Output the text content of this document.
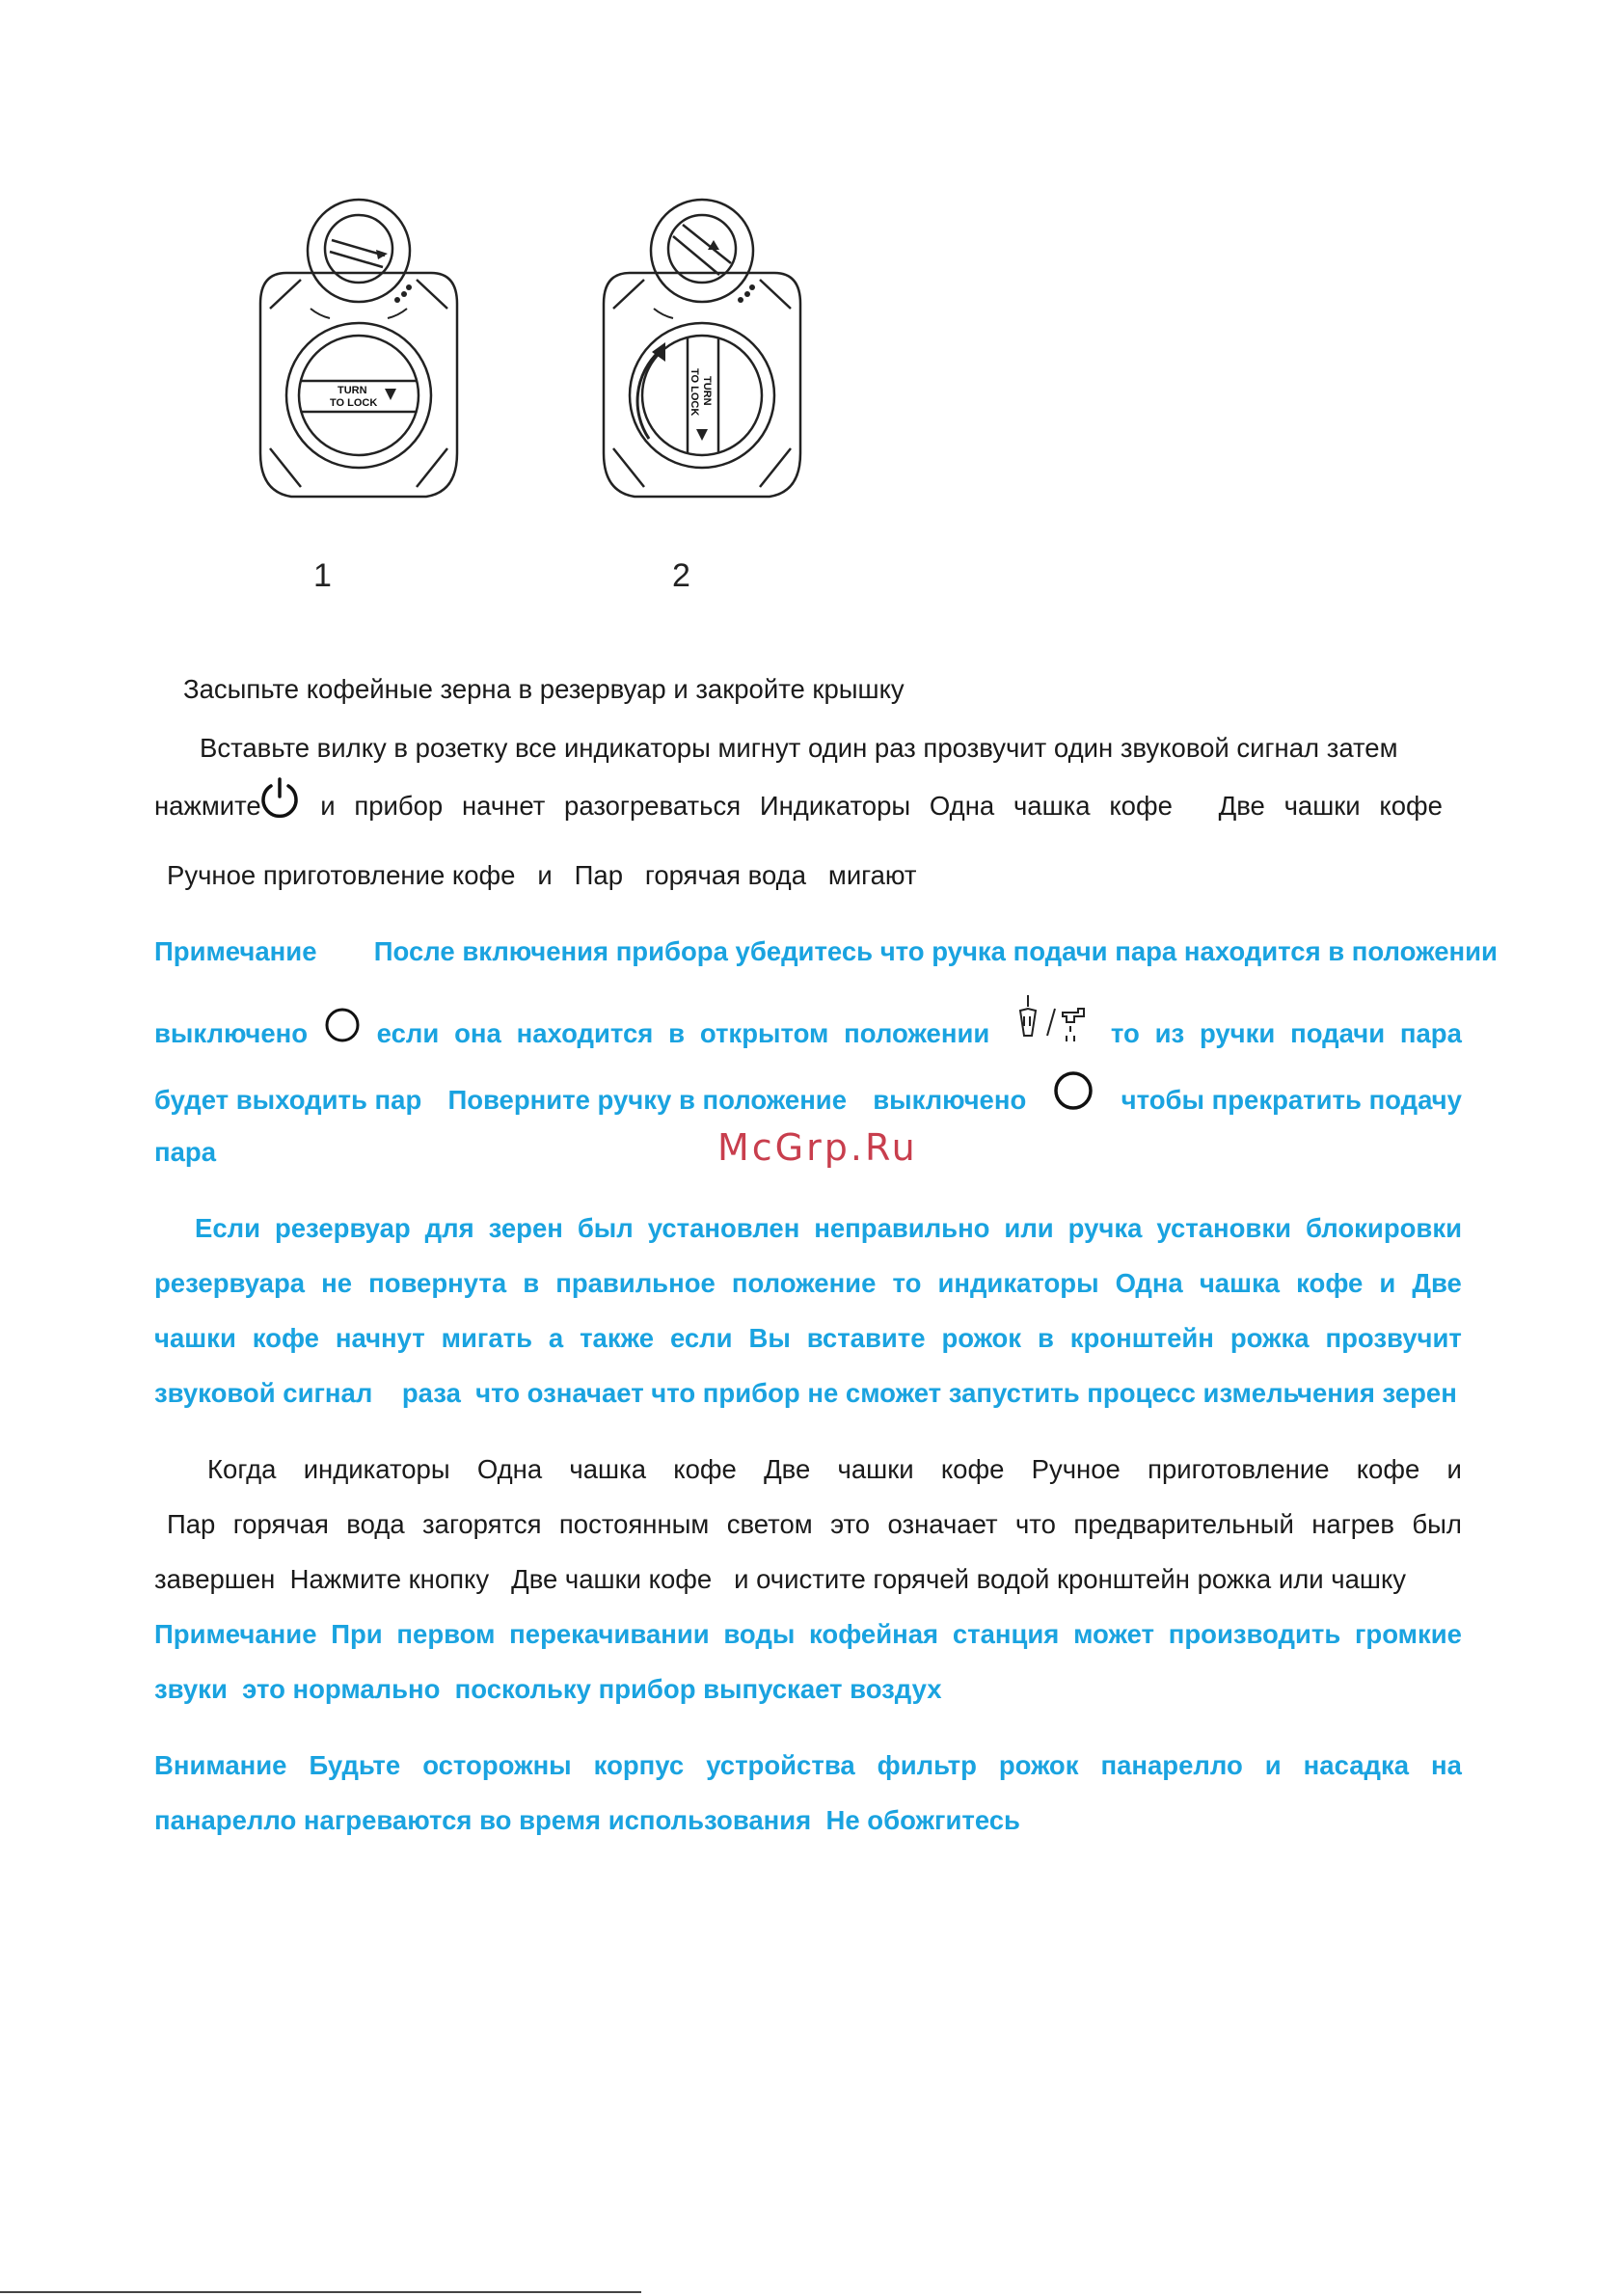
TURN
TO LOCK
1
TURN
TO LOCK
2
Засыпьте кофейные зерна в резервуар и закройте крышку
Вставьте вилку в розетку все индикаторы мигнут один раз прозвучит один звуковой сигнал затем
нажмите и прибор начнет разогреваться Индикаторы Одна чашка кофе Две чашки кофе
Ручное приготовление кофе   и   Пар   горячая вода   мигают
Примечание После включения прибора убедитесь что ручка подачи пара находится в положении
выключено	если она находится в открытом положении	то из ручки подачи пара
будет выходить пар Поверните ручку в положение выключено	чтобы прекратить подачу
пара	McGrp.Ru
Если резервуар для зерен был установлен неправильно или ручка установки блокировки
резервуара не повернута в правильное положение то индикаторы Одна чашка кофе и Две
чашки кофе начнут мигать а также если Вы вставите рожок в кронштейн рожка прозвучит
звуковой сигнал    раза  что означает что прибор не сможет запустить процесс измельчения зерен
Когда индикаторы Одна чашка кофе Две чашки кофе Ручное приготовление кофе и
Пар горячая вода загорятся постоянным светом это означает что предварительный нагрев был
завершен  Нажмите кнопку   Две чашки кофе   и очистите горячей водой кронштейн рожка или чашку
Примечание При первом перекачивании воды кофейная станция может производить громкие
звуки  это нормально  поскольку прибор выпускает воздух
Внимание Будьте осторожны корпус устройства фильтр рожок панарелло и насадка на
панарелло нагреваются во время использования  Не обожгитесь
